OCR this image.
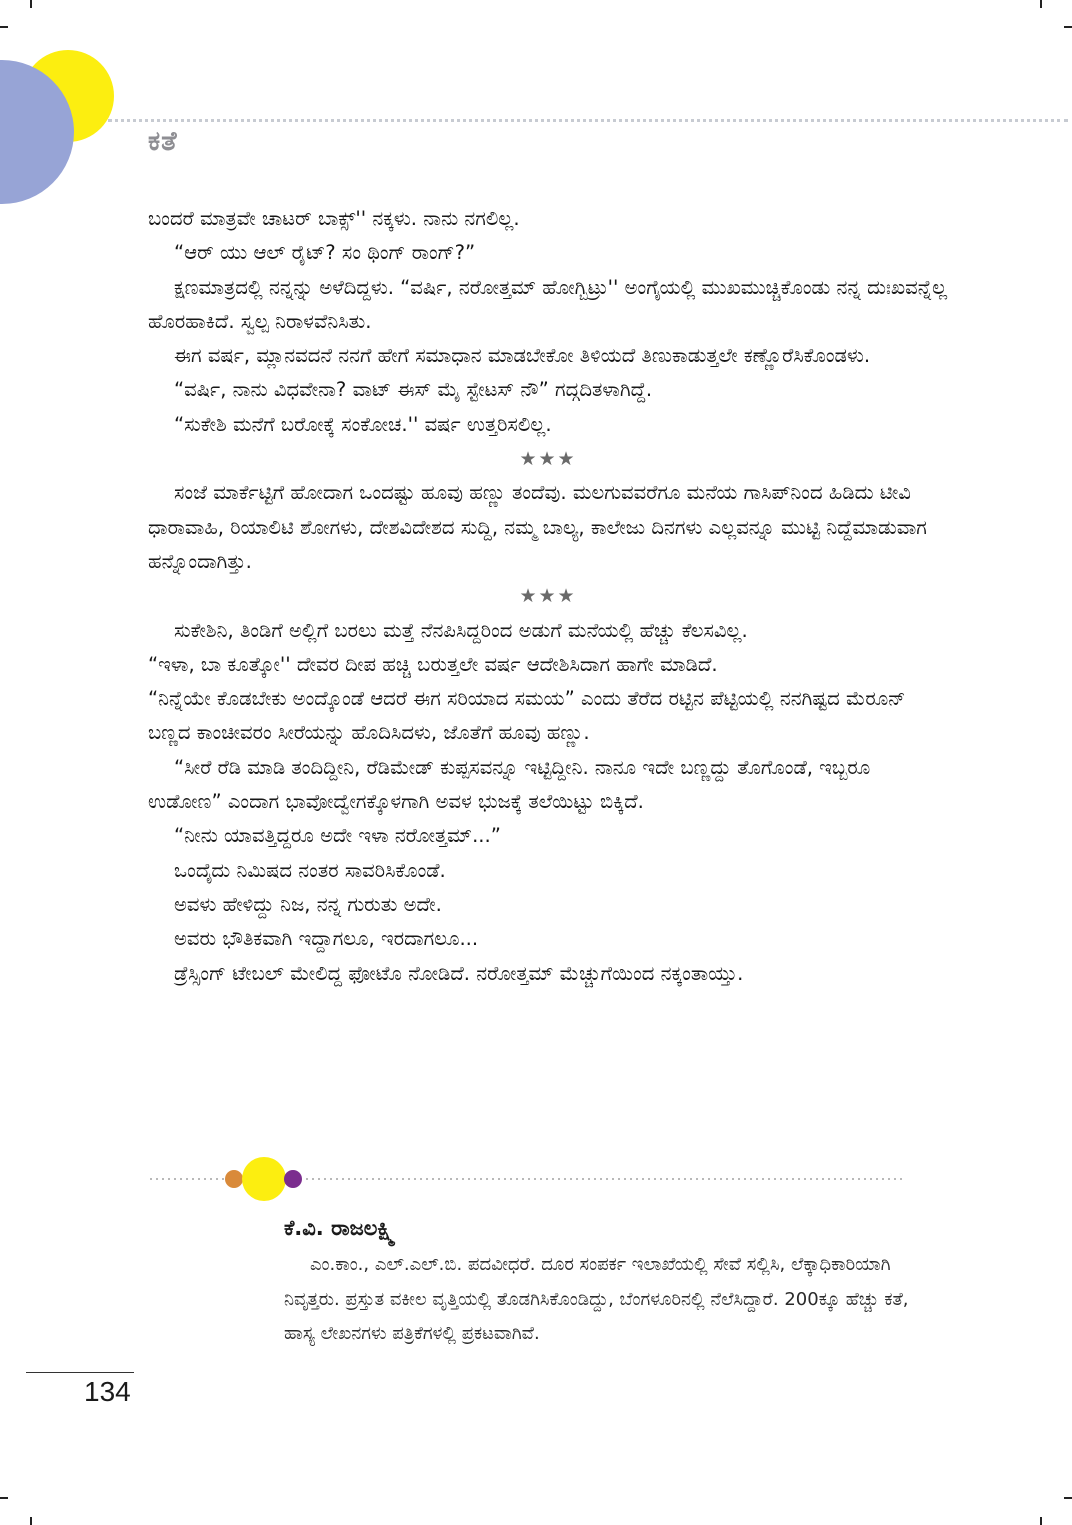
ಕತೆ

ಬಂದರೆ ಮಾತ್ರವೇ ಚಾಟರ್ ಬಾಕ್ಸ್'' ನಕ್ಕಳು. ನಾನು ನಗಲಿಲ್ಲ.

“ಆರ್ ಯು ಆಲ್ ರೈಟ್? ಸಂ ಥಿಂಗ್ ರಾಂಗ್?”

ಕ್ಷಣಮಾತ್ರದಲ್ಲಿ ನನ್ನನ್ನು ಅಳೆದಿದ್ದಳು. “ವರ್ಷಿ, ನರೋತ್ತಮ್ ಹೋಗ್ಬಿಟ್ರು'' ಅಂಗೈಯಲ್ಲಿ ಮುಖಮುಚ್ಚಿಕೊಂಡು ನನ್ನ ದುಃಖವನ್ನೆಲ್ಲ ಹೊರಹಾಕಿದೆ. ಸ್ವಲ್ಪ ನಿರಾಳವೆನಿಸಿತು.

ಈಗ ವರ್ಷ, ಮ್ಲಾನವದನೆ ನನಗೆ ಹೇಗೆ ಸಮಾಧಾನ ಮಾಡಬೇಕೋ ತಿಳಿಯದೆ ತಿಣುಕಾಡುತ್ತಲೇ ಕಣ್ಣೊರೆಸಿಕೊಂಡಳು.

“ವರ್ಷಿ, ನಾನು ವಿಧವೇನಾ? ವಾಟ್ ಈಸ್ ಮೈ ಸ್ಟೇಟಸ್ ನೌ” ಗದ್ಗದಿತಳಾಗಿದ್ದೆ.

“ಸುಕೇಶಿ ಮನೆಗೆ ಬರೋಕ್ಕೆ ಸಂಕೋಚ.'' ವರ್ಷ ಉತ್ತರಿಸಲಿಲ್ಲ.

★★★

ಸಂಜೆ ಮಾರ್ಕೆಟ್ಟಿಗೆ ಹೋದಾಗ ಒಂದಷ್ಟು ಹೂವು ಹಣ್ಣು ತಂದೆವು. ಮಲಗುವವರೆಗೂ ಮನೆಯ ಗಾಸಿಪ್‌ನಿಂದ ಹಿಡಿದು ಟೀವಿ ಧಾರಾವಾಹಿ, ರಿಯಾಲಿಟಿ ಶೋಗಳು, ದೇಶವಿದೇಶದ ಸುದ್ದಿ, ನಮ್ಮ ಬಾಲ್ಯ, ಕಾಲೇಜು ದಿನಗಳು ಎಲ್ಲವನ್ನೂ ಮುಟ್ಟಿ ನಿದ್ದೆಮಾಡುವಾಗ ಹನ್ನೊಂದಾಗಿತ್ತು.

★★★

ಸುಕೇಶಿನಿ, ತಿಂಡಿಗೆ ಅಲ್ಲಿಗೆ ಬರಲು ಮತ್ತೆ ನೆನಪಿಸಿದ್ದರಿಂದ ಅಡುಗೆ ಮನೆಯಲ್ಲಿ ಹೆಚ್ಚು ಕೆಲಸವಿಲ್ಲ.

“ಇಳಾ, ಬಾ ಕೂತ್ಕೋ'' ದೇವರ ದೀಪ ಹಚ್ಚಿ ಬರುತ್ತಲೇ ವರ್ಷ ಆದೇಶಿಸಿದಾಗ ಹಾಗೇ ಮಾಡಿದೆ.

“ನಿನ್ನೆಯೇ ಕೊಡಬೇಕು ಅಂದ್ಕೊಂಡೆ ಆದರೆ ಈಗ ಸರಿಯಾದ ಸಮಯ” ಎಂದು ತೆರೆದ ರಟ್ಟಿನ ಪೆಟ್ಟಿಯಲ್ಲಿ ನನಗಿಷ್ಟದ ಮೆರೂನ್ ಬಣ್ಣದ ಕಾಂಚೀವರಂ ಸೀರೆಯನ್ನು ಹೊದಿಸಿದಳು, ಜೊತೆಗೆ ಹೂವು ಹಣ್ಣು.

“ಸೀರೆ ರೆಡಿ ಮಾಡಿ ತಂದಿದ್ದೀನಿ, ರೆಡಿಮೇಡ್ ಕುಪ್ಪಸವನ್ನೂ ಇಟ್ಟಿದ್ದೀನಿ. ನಾನೂ ಇದೇ ಬಣ್ಣದ್ದು ತೊಗೊಂಡೆ, ಇಬ್ಬರೂ ಉಡೋಣ” ಎಂದಾಗ ಭಾವೋದ್ವೇಗಕ್ಕೊಳಗಾಗಿ ಅವಳ ಭುಜಕ್ಕೆ ತಲೆಯಿಟ್ಟು ಬಿಕ್ಕಿದೆ.

“ನೀನು ಯಾವತ್ತಿದ್ದರೂ ಅದೇ ಇಳಾ ನರೋತ್ತಮ್...”

ಒಂದೈದು ನಿಮಿಷದ ನಂತರ ಸಾವರಿಸಿಕೊಂಡೆ.

ಅವಳು ಹೇಳಿದ್ದು ನಿಜ, ನನ್ನ ಗುರುತು ಅದೇ.

ಅವರು ಭೌತಿಕವಾಗಿ ಇದ್ದಾಗಲೂ, ಇರದಾಗಲೂ...

ಡ್ರೆಸ್ಸಿಂಗ್ ಟೇಬಲ್ ಮೇಲಿದ್ದ ಫೋಟೊ ನೋಡಿದೆ. ನರೋತ್ತಮ್ ಮೆಚ್ಚುಗೆಯಿಂದ ನಕ್ಕಂತಾಯ್ತು.

ಕೆ.ವಿ. ರಾಜಲಕ್ಷ್ಮಿ

ಎಂ.ಕಾಂ., ಎಲ್.ಎಲ್.ಬಿ. ಪದವೀಧರೆ. ದೂರ ಸಂಪರ್ಕ ಇಲಾಖೆಯಲ್ಲಿ ಸೇವೆ ಸಲ್ಲಿಸಿ, ಲೆಕ್ಕಾಧಿಕಾರಿಯಾಗಿ ನಿವೃತ್ತರು. ಪ್ರಸ್ತುತ ವಕೀಲ ವೃತ್ತಿಯಲ್ಲಿ ತೊಡಗಿಸಿಕೊಂಡಿದ್ದು, ಬೆಂಗಳೂರಿನಲ್ಲಿ ನೆಲೆಸಿದ್ದಾರೆ. 200ಕ್ಕೂ ಹೆಚ್ಚು ಕತೆ, ಹಾಸ್ಯ ಲೇಖನಗಳು ಪತ್ರಿಕೆಗಳಲ್ಲಿ ಪ್ರಕಟವಾಗಿವೆ.

134
